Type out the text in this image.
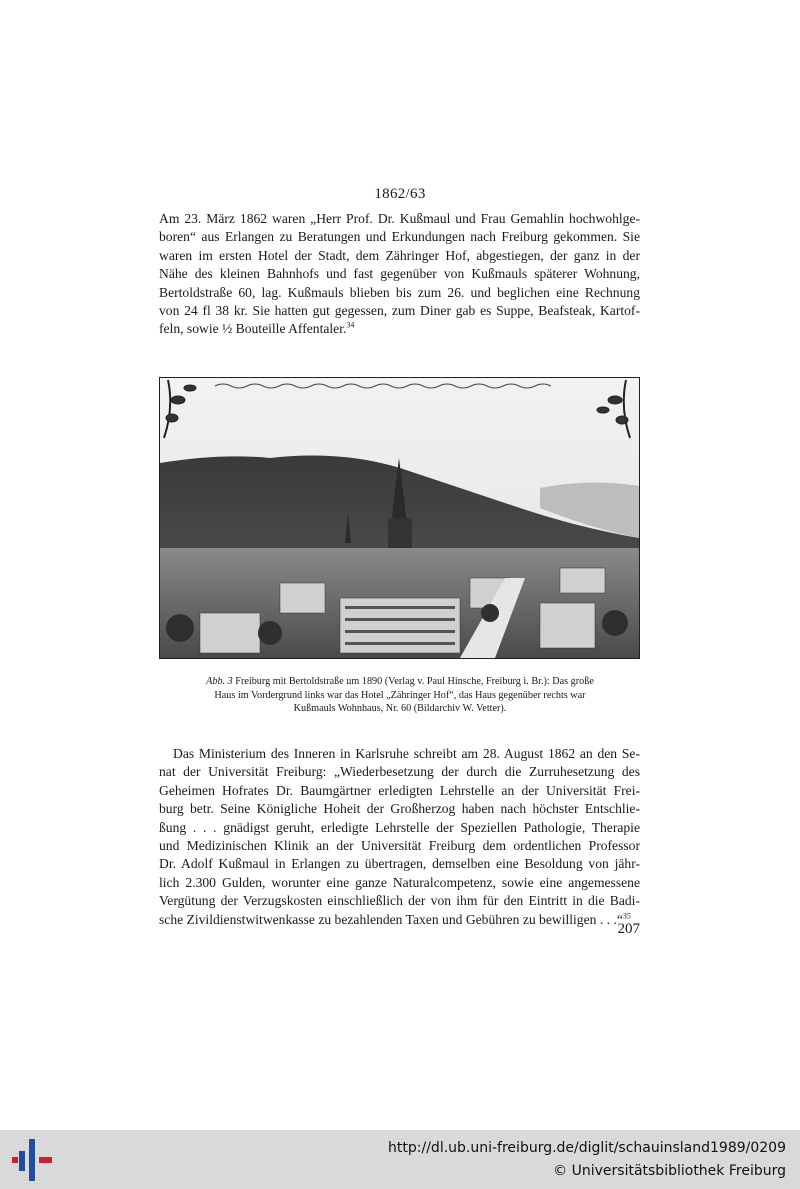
1862/63

Am 23. März 1862 waren „Herr Prof. Dr. Kußmaul und Frau Gemahlin hochwohlge-
boren“ aus Erlangen zu Beratungen und Erkundungen nach Freiburg gekommen. Sie
waren im ersten Hotel der Stadt, dem Zähringer Hof, abgestiegen, der ganz in der
Nähe des kleinen Bahnhofs und fast gegenüber von Kußmauls späterer Wohnung,
Bertoldstraße 60, lag. Kußmauls blieben bis zum 26. und beglichen eine Rechnung
von 24 fl 38 kr. Sie hatten gut gegessen, zum Diner gab es Suppe, Beafsteak, Kartof-
feln, sowie ½ Bouteille Affentaler.$^{34}$

Abb. 3 Freiburg mit Bertoldstraße um 1890 (Verlag v. Paul Hinsche, Freiburg i. Br.): Das große
Haus im Vordergrund links war das Hotel „Zähringer Hof“, das Haus gegenüber rechts war
Kußmauls Wohnhaus, Nr. 60 (Bildarchiv W. Vetter).

Das Ministerium des Inneren in Karlsruhe schreibt am 28. August 1862 an den Se-
nat der Universität Freiburg: „Wiederbesetzung der durch die Zurruhesetzung des
Geheimen Hofrates Dr. Baumgärtner erledigten Lehrstelle an der Universität Frei-
burg betr. Seine Königliche Hoheit der Großherzog haben nach höchster Entschlie-
ßung . . . gnädigst geruht, erledigte Lehrstelle der Speziellen Pathologie, Therapie
und Medizinischen Klinik an der Universität Freiburg dem ordentlichen Professor
Dr. Adolf Kußmaul in Erlangen zu übertragen, demselben eine Besoldung von jähr-
lich 2.300 Gulden, worunter eine ganze Naturalcompetenz, sowie eine angemessene
Vergütung der Verzugskosten einschließlich der von ihm für den Eintritt in die Badi-
sche Zivildienstwitwenkasse zu bezahlenden Taxen und Gebühren zu bewilligen . . .“$^{35}$

207
http://dl.ub.uni-freiburg.de/diglit/schauinsland1989/0209
© Universitätsbibliothek Freiburg
